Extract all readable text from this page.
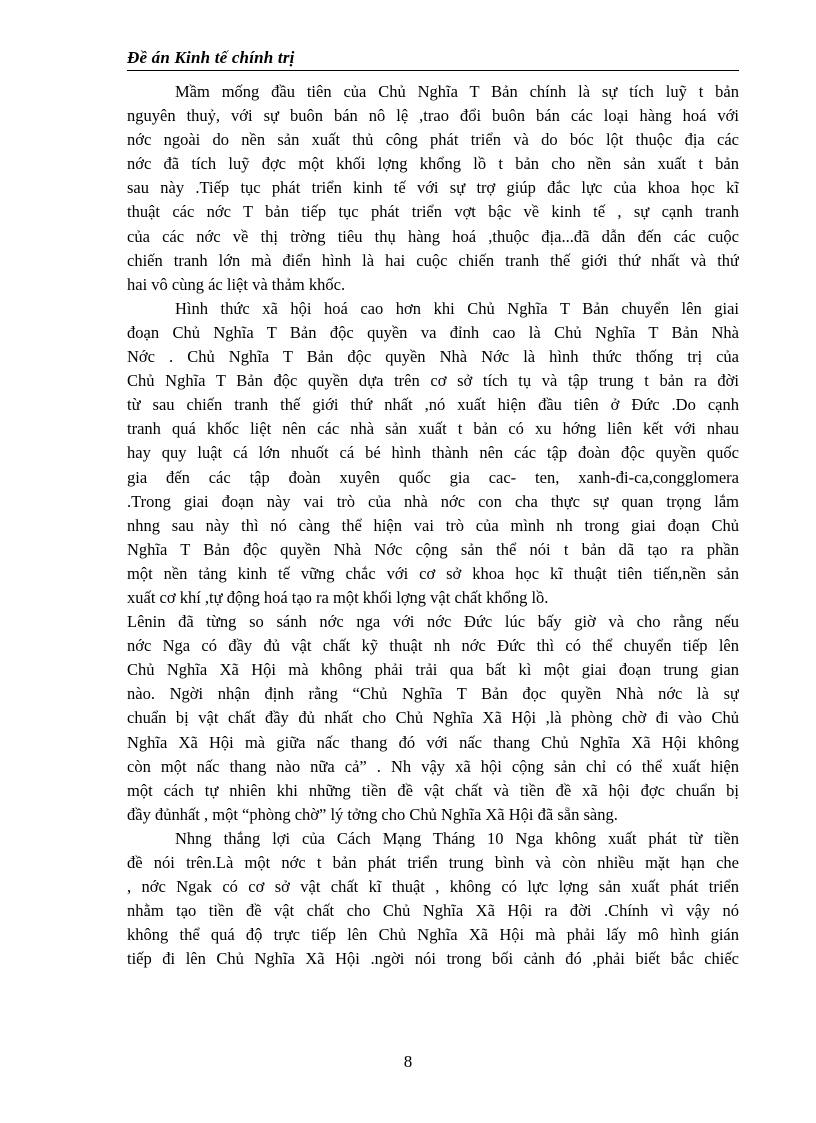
Đề án Kinh tế chính trị
Mầm mống đầu tiên của Chủ Nghĩa T Bản chính là sự tích luỹ t bản
nguyên thuỷ, với sự buôn bán nô lệ ,trao đổi buôn bán các loại hàng hoá với
nớc ngoài do nền sản xuất thủ công phát triển và do bóc lột thuộc địa các
nớc đã tích luỹ đợc một khối lợng khổng lồ t bản cho nền sản xuất t bản
sau này .Tiếp tục phát triển kinh tế với sự trợ giúp đắc lực của khoa học kĩ
thuật các nớc T bản tiếp tục phát triển vợt bậc về kinh tế , sự cạnh tranh
của các nớc về thị trờng tiêu thụ hàng hoá ,thuộc địa...đã dẫn đến các cuộc
chiến tranh lớn mà điển hình là hai cuộc chiến tranh thế giới thứ nhất và thứ
hai vô cùng ác liệt và thảm khốc.
Hình thức xã hội hoá cao hơn khi Chủ Nghĩa T Bản chuyển lên giai
đoạn Chủ Nghĩa T Bản độc quyền va đỉnh cao là Chủ Nghĩa T Bản Nhà
Nớc . Chủ Nghĩa T Bản độc quyền Nhà Nớc là hình thức thống trị của
Chủ Nghĩa T Bản độc quyền dựa trên cơ sở tích tụ và tập trung t bản ra đời
từ sau chiến tranh thế giới thứ nhất ,nó xuất hiện đầu tiên ở Đức .Do cạnh
tranh quá khốc liệt nên các nhà sản xuất t bản có xu hớng liên kết với nhau
hay quy luật cá lớn nhuốt cá bé hình thành nên các tập đoàn độc quyền quốc
gia đến các tập đoàn xuyên quốc gia cac- ten, xanh-đi-ca,congglomera
.Trong giai đoạn này vai trò của nhà nớc con cha thực sự quan trọng lắm
nhng sau này thì nó càng thể hiện vai trò của mình nh trong giai đoạn Chủ
Nghĩa T Bản độc quyền Nhà Nớc cộng sản thể nói t bản dã tạo ra phần
một nền tảng kinh tế vững chắc với cơ sở khoa học kĩ thuật tiên tiến,nền sản
xuất cơ khí ,tự động hoá tạo ra một khối lợng vật chất khổng lồ.
Lênin đã từng so sánh nớc nga với nớc Đức lúc bấy giờ và cho rằng nếu
nớc Nga có đầy đủ vật chất kỹ thuật nh nớc Đức thì có thể chuyển tiếp lên
Chủ Nghĩa Xã Hội mà không phải trải qua bất kì một giai đoạn trung gian
nào. Ngời nhận định rằng “Chủ Nghĩa T Bản đọc quyền Nhà nớc là sự
chuẩn bị vật chất đầy đủ nhất cho Chủ Nghĩa Xã Hội ,là phòng chờ đi vào Chủ
Nghĩa Xã Hội mà giữa nấc thang đó với nấc thang Chủ Nghĩa Xã Hội không
còn một nấc thang nào nữa cả” . Nh vậy xã hội cộng sản chỉ có thể xuất hiện
một cách tự nhiên khi những tiền đề vật chất và tiền đề xã hội đợc chuẩn bị
đầy đủnhất , một “phòng chờ” lý tởng cho Chủ Nghĩa Xã Hội đã sẵn sàng.
Nhng thắng lợi của Cách Mạng Tháng 10 Nga không xuất phát từ tiền
đề nói trên.Là một nớc t bản phát triển trung bình và còn nhiều mặt hạn che
, nớc Ngak có cơ sở vật chất kĩ thuật , không có lực lợng sản xuất phát triển
nhằm tạo tiền đề vật chất cho Chủ Nghĩa Xã Hội ra đời .Chính vì vậy nó
không thể quá độ trực tiếp lên Chủ Nghĩa Xã Hội mà phải lấy mô hình gián
tiếp đi lên Chủ Nghĩa Xã Hội .ngời nói trong bối cảnh đó ,phải biết bắc chiếc
8
